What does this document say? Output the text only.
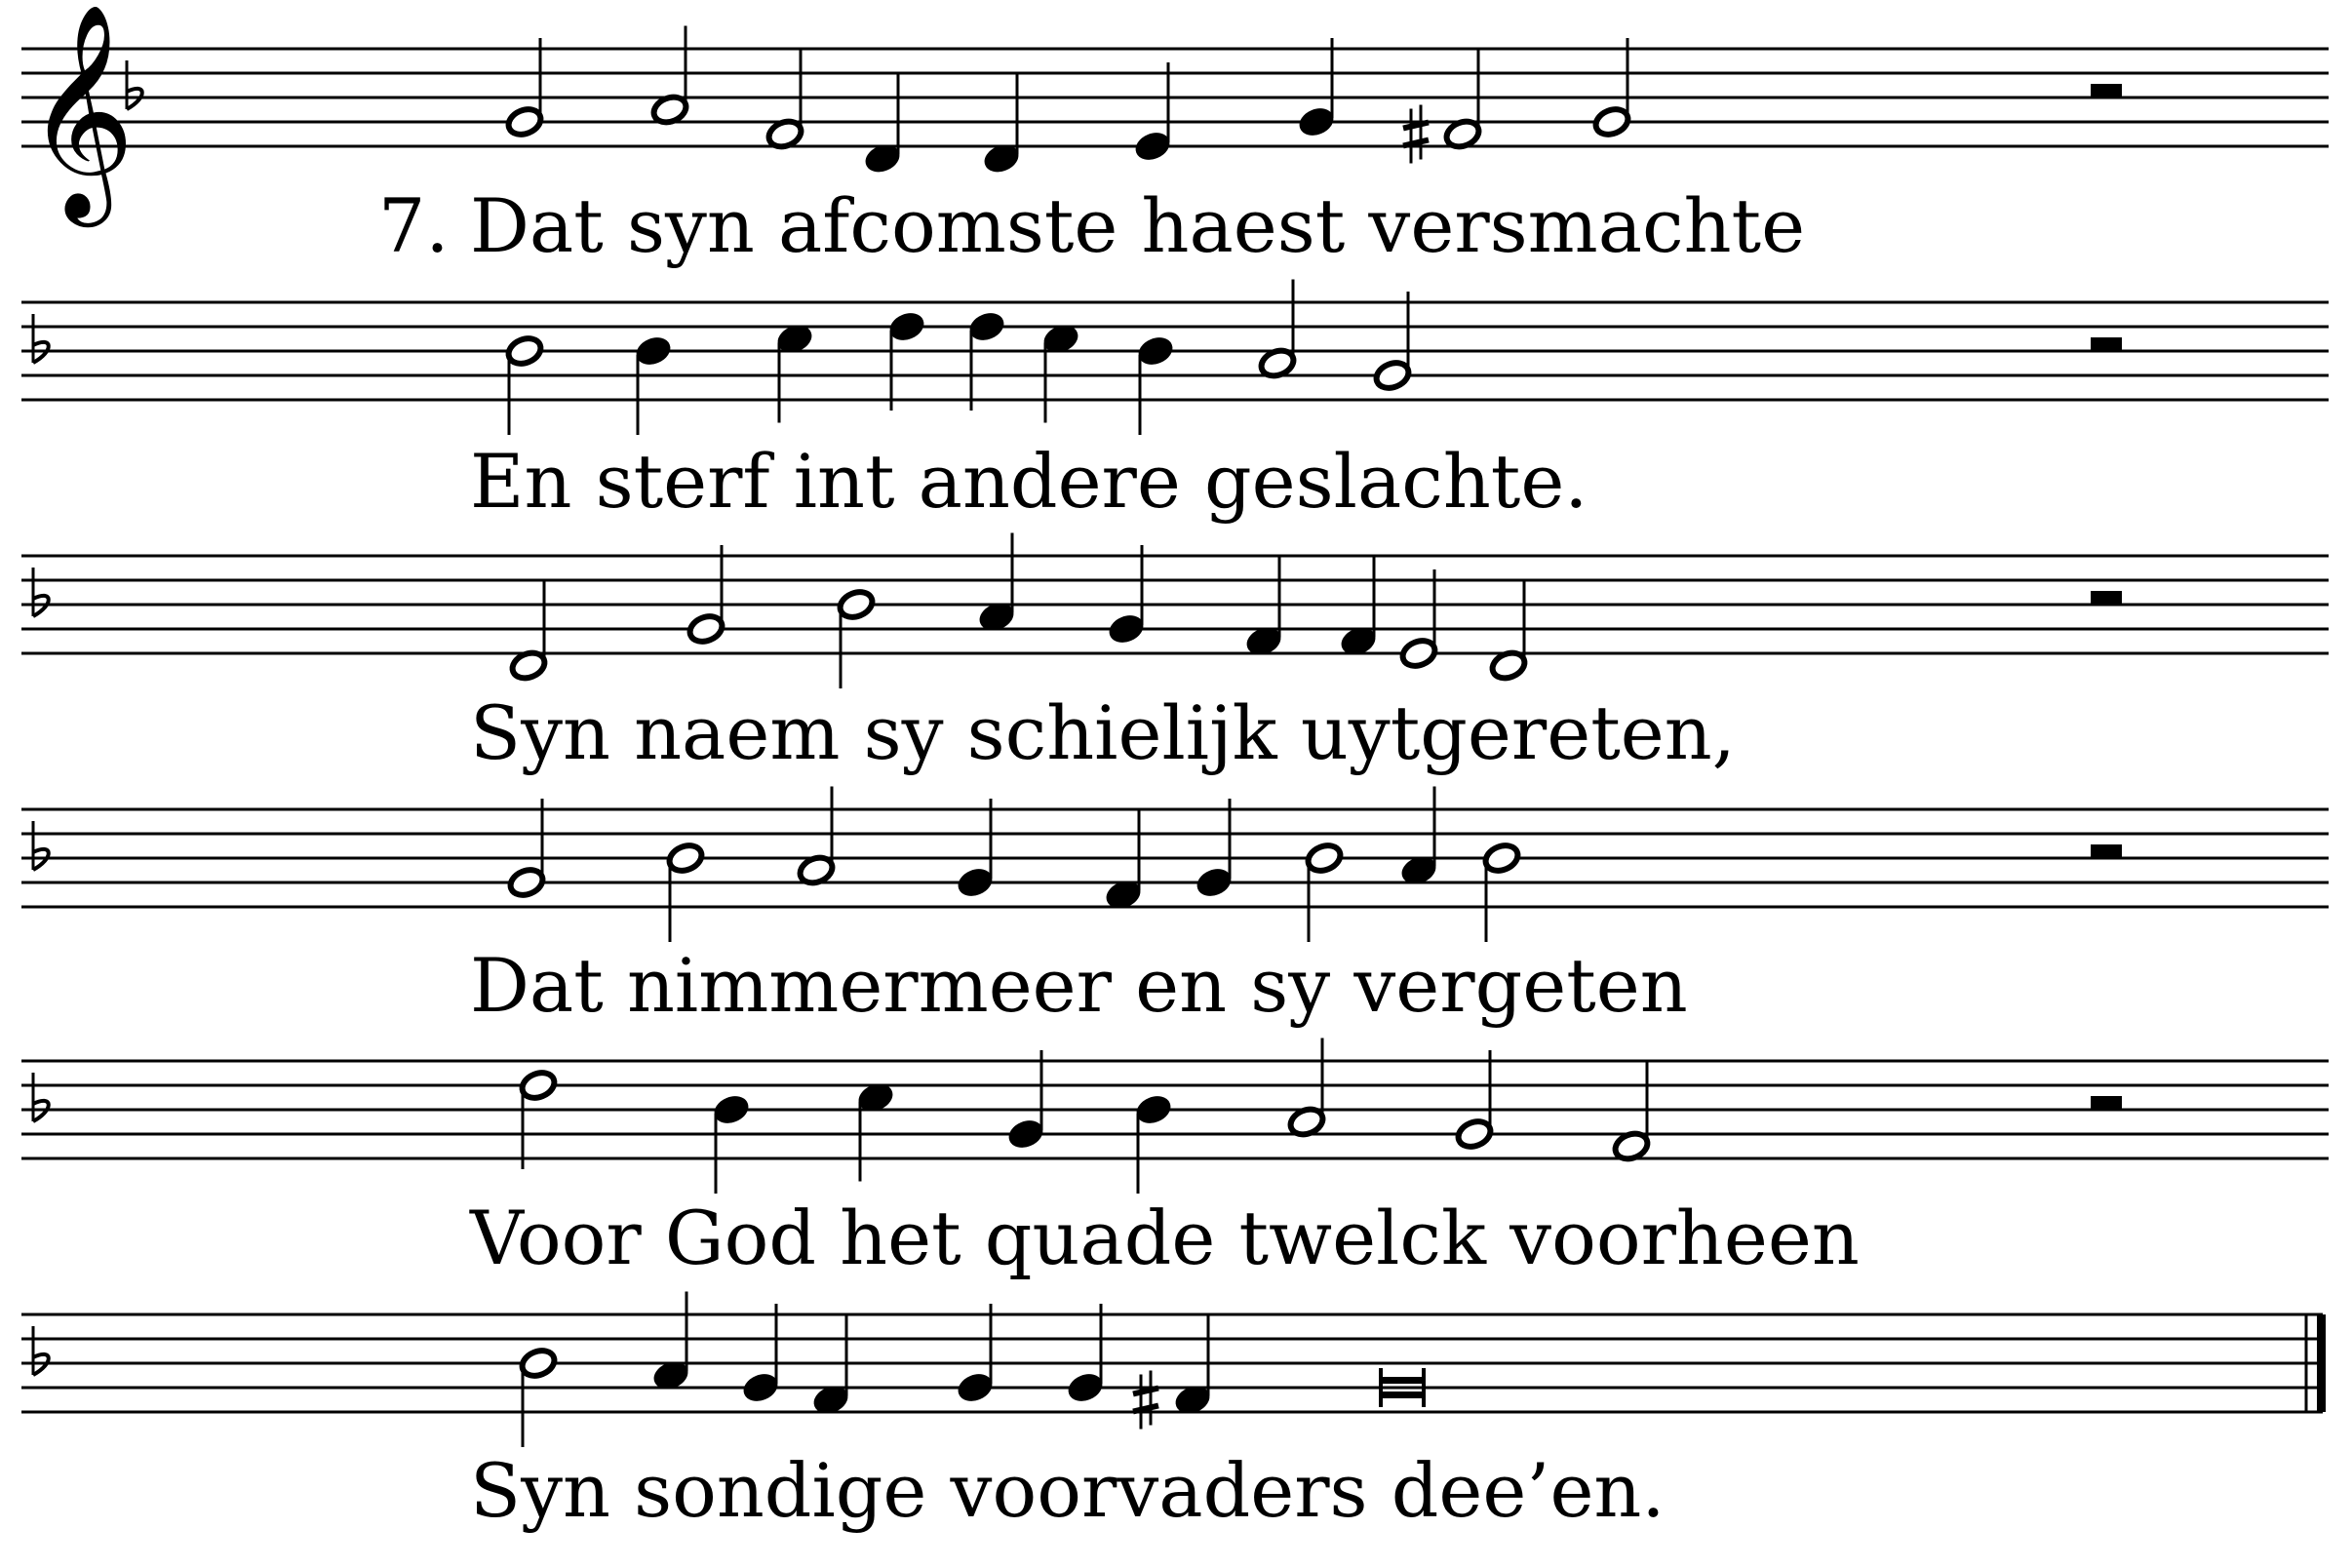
𝄞
7. Dat syn afcomste haest versmachte
En sterf int andere geslachte.
Syn naem sy schielijk uytgereten,
Dat nimmermeer en sy vergeten
Voor God het quade twelck voorheen
Syn sondige voorvaders dee’en.
